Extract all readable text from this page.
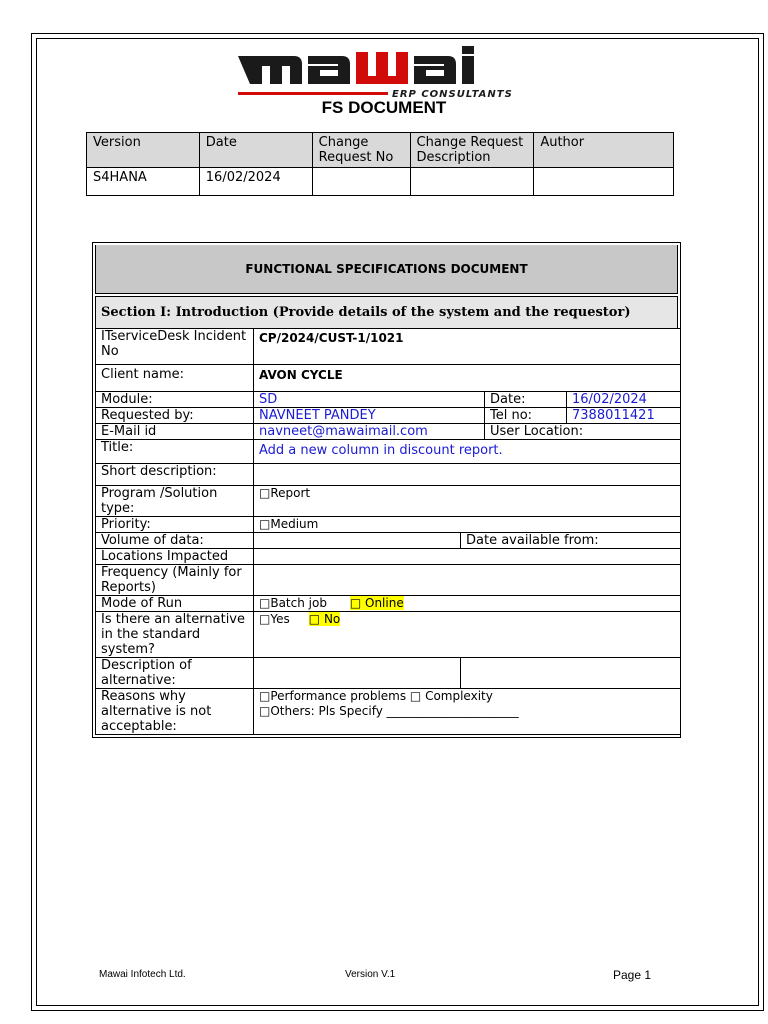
ERP CONSULTANTS
FS DOCUMENT
Version	Date	Change Request No	Change Request Description	Author
S4HANA	16/02/2024			
FUNCTIONAL SPECIFICATIONS DOCUMENT
Section I: Introduction (Provide details of the system and the requestor)
ITserviceDesk Incident No	CP/2024/CUST-1/1021			
Client name:	AVON CYCLE			
Module:	SD		Date:	16/02/2024
Requested by:	NAVNEET PANDEY		Tel no:	7388011421
E-Mail id	navneet@mawaimail.com		User Location:	
Title:	Add a new column in discount report.			
Short description:				
Program /Solution type:	□Report			
Priority:	□Medium			
Volume of data:		Date available from:		
Locations Impacted				
Frequency (Mainly for Reports)				
Mode of Run	□Batch job □ Online			
Is there an alternative in the standard system?	□Yes □ No			
Description of alternative:				
Reasons why alternative is not acceptable:	□Performance problems □ Complexity
□Others: Pls Specify ______________________			
Mawai Infotech Ltd.	Version V.1	Page 1
